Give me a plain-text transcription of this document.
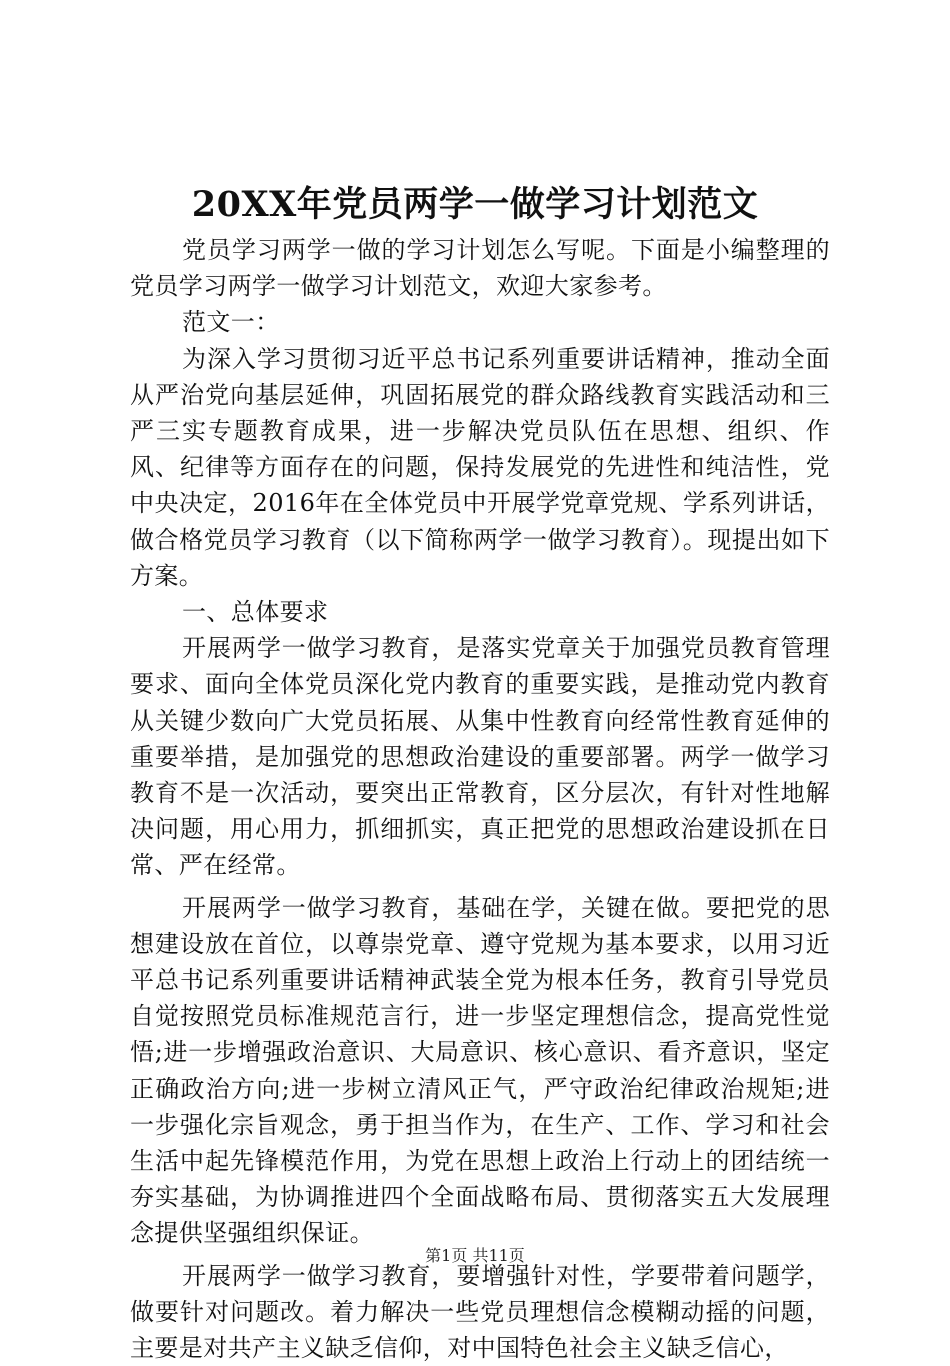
20XX年党员两学一做学习计划范文

党员学习两学一做的学习计划怎么写呢。下面是小编整理的党员学习两学一做学习计划范文，欢迎大家参考。

范文一：

为深入学习贯彻习近平总书记系列重要讲话精神，推动全面从严治党向基层延伸，巩固拓展党的群众路线教育实践活动和三严三实专题教育成果，进一步解决党员队伍在思想、组织、作风、纪律等方面存在的问题，保持发展党的先进性和纯洁性，党中央决定，2016年在全体党员中开展学党章党规、学系列讲话，做合格党员学习教育（以下简称两学一做学习教育）。现提出如下方案。

一、总体要求

开展两学一做学习教育，是落实党章关于加强党员教育管理要求、面向全体党员深化党内教育的重要实践，是推动党内教育从关键少数向广大党员拓展、从集中性教育向经常性教育延伸的重要举措，是加强党的思想政治建设的重要部署。两学一做学习教育不是一次活动，要突出正常教育，区分层次，有针对性地解决问题，用心用力，抓细抓实，真正把党的思想政治建设抓在日常、严在经常。

开展两学一做学习教育，基础在学，关键在做。要把党的思想建设放在首位，以尊崇党章、遵守党规为基本要求，以用习近平总书记系列重要讲话精神武装全党为根本任务，教育引导党员自觉按照党员标准规范言行，进一步坚定理想信念，提高党性觉悟;进一步增强政治意识、大局意识、核心意识、看齐意识，坚定正确政治方向;进一步树立清风正气，严守政治纪律政治规矩;进一步强化宗旨观念，勇于担当作为，在生产、工作、学习和社会生活中起先锋模范作用，为党在思想上政治上行动上的团结统一夯实基础，为协调推进四个全面战略布局、贯彻落实五大发展理念提供坚强组织保证。

开展两学一做学习教育，要增强针对性，学要带着问题学，做要针对问题改。着力解决一些党员理想信念模糊动摇的问题，主要是对共产主义缺乏信仰，对中国特色社会主义缺乏信心，

第1页 共11页
